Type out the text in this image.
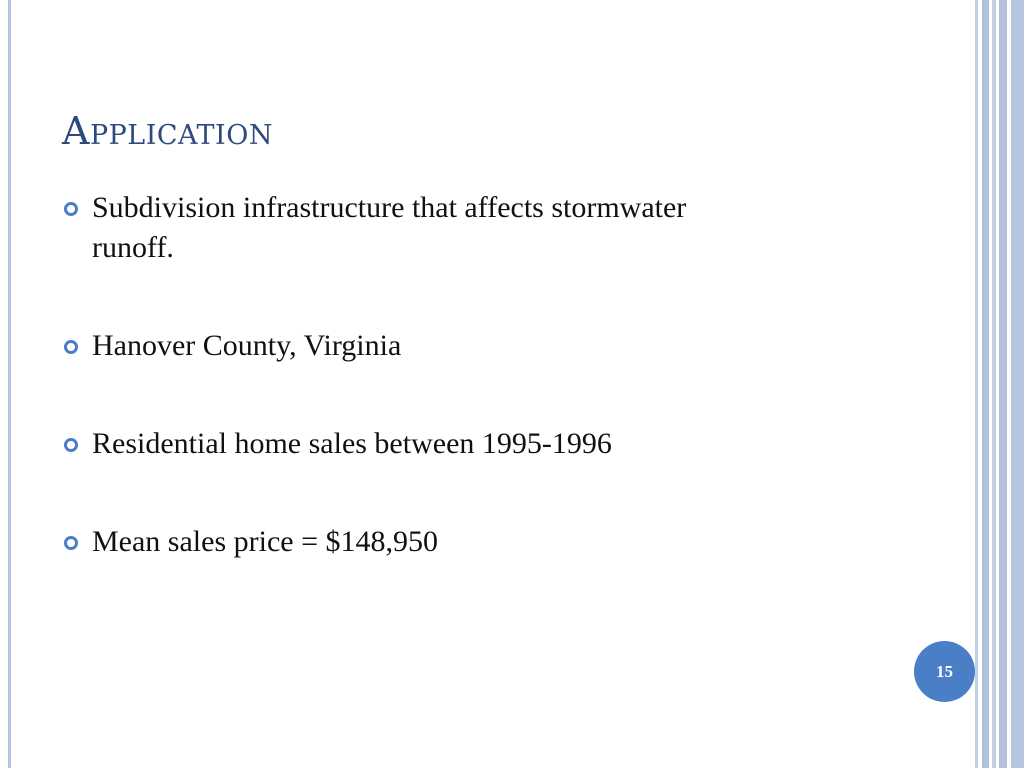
Application
Subdivision infrastructure that affects stormwater runoff.
Hanover County, Virginia
Residential home sales between 1995-1996
Mean sales price = $148,950
15
